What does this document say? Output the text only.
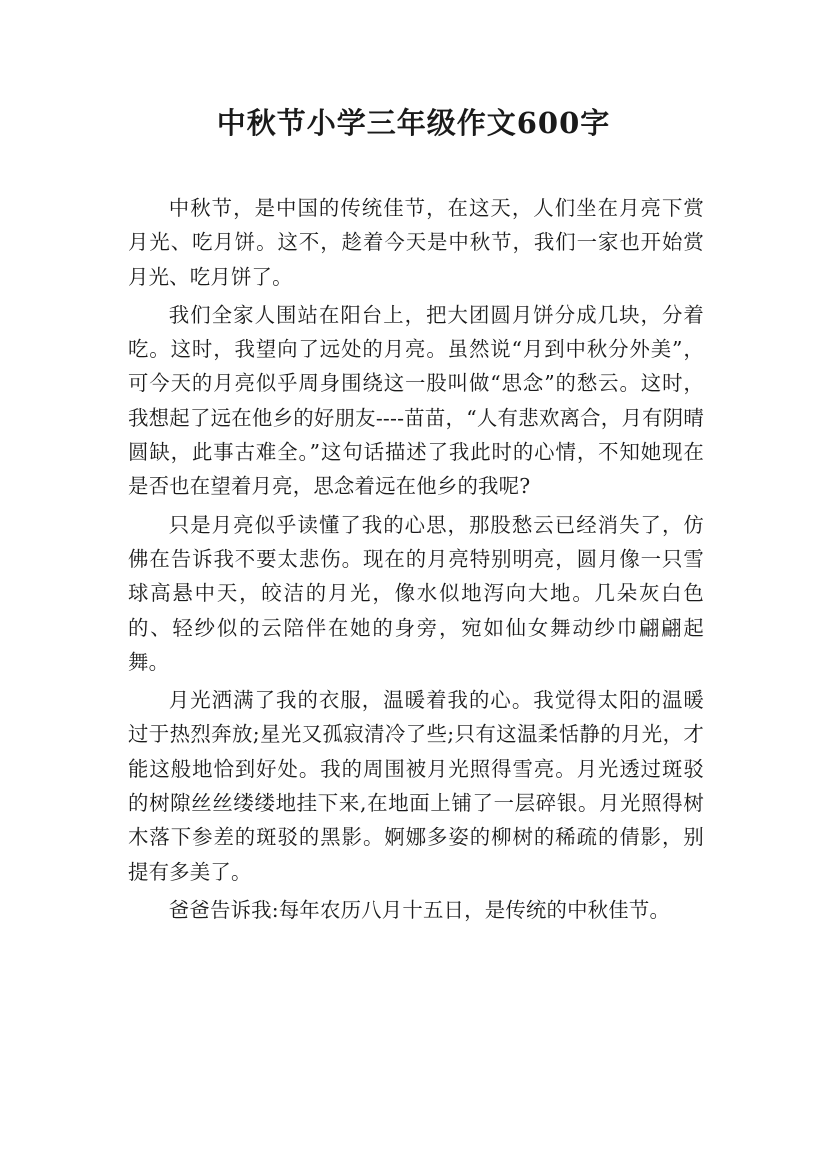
中秋节小学三年级作文600字

中秋节，是中国的传统佳节，在这天，人们坐在月亮下赏月光、吃月饼。这不，趁着今天是中秋节，我们一家也开始赏月光、吃月饼了。

我们全家人围站在阳台上，把大团圆月饼分成几块，分着吃。这时，我望向了远处的月亮。虽然说“月到中秋分外美”，可今天的月亮似乎周身围绕这一股叫做“思念”的愁云。这时，我想起了远在他乡的好朋友----苗苗，“人有悲欢离合，月有阴晴圆缺，此事古难全。”这句话描述了我此时的心情，不知她现在是否也在望着月亮，思念着远在他乡的我呢?

只是月亮似乎读懂了我的心思，那股愁云已经消失了，仿佛在告诉我不要太悲伤。现在的月亮特别明亮，圆月像一只雪球高悬中天，皎洁的月光，像水似地泻向大地。几朵灰白色的、轻纱似的云陪伴在她的身旁，宛如仙女舞动纱巾翩翩起舞。

月光洒满了我的衣服，温暖着我的心。我觉得太阳的温暖过于热烈奔放;星光又孤寂清冷了些;只有这温柔恬静的月光，才能这般地恰到好处。我的周围被月光照得雪亮。月光透过斑驳的树隙丝丝缕缕地挂下来,在地面上铺了一层碎银。月光照得树木落下参差的斑驳的黑影。婀娜多姿的柳树的稀疏的倩影，别提有多美了。

爸爸告诉我:每年农历八月十五日，是传统的中秋佳节。
